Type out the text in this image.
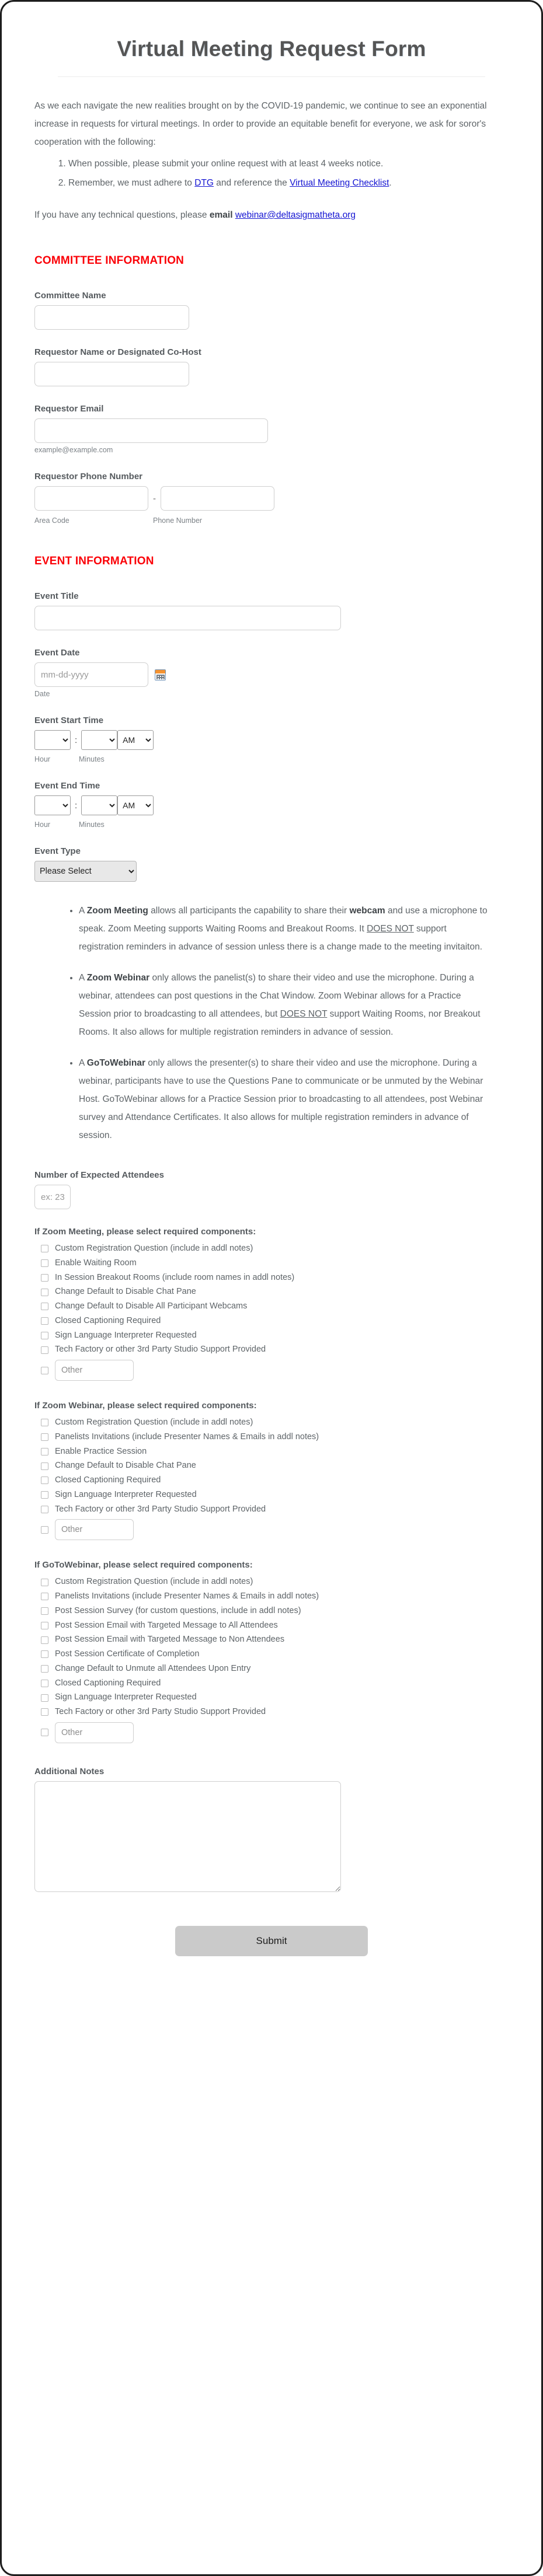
Virtual Meeting Request Form

As we each navigate the new realities brought on by the COVID-19 pandemic, we continue to see an exponential increase in requests for virtural meetings. In order to provide an equitable benefit for everyone, we ask for soror's cooperation with the following:

1. When possible, please submit your online request with at least 4 weeks notice.
2. Remember, we must adhere to DTG and reference the Virtual Meeting Checklist.

If you have any technical questions, please email webinar@deltasigmatheta.org

COMMITTEE INFORMATION
Committee Name
Requestor Name or Designated Co-Host
Requestor Email
example@example.com
Requestor Phone Number
-
Area Code	Phone Number
EVENT INFORMATION
Event Title
Event Date
mm-dd-yyyy
Date
Event Start Time
:
AM
Hour	Minutes
Event End Time
:
AM
Hour	Minutes
Event Type
Please Select
• A Zoom Meeting allows all participants the capability to share their webcam and use a microphone to speak. Zoom Meeting supports Waiting Rooms and Breakout Rooms. It DOES NOT support registration reminders in advance of session unless there is a change made to the meeting invitaiton.
• A Zoom Webinar only allows the panelist(s) to share their video and use the microphone. During a webinar, attendees can post questions in the Chat Window. Zoom Webinar allows for a Practice Session prior to broadcasting to all attendees, but DOES NOT support Waiting Rooms, nor Breakout Rooms. It also allows for multiple registration reminders in advance of session.
• A GoToWebinar only allows the presenter(s) to share their video and use the microphone. During a webinar, participants have to use the Questions Pane to communicate or be unmuted by the Webinar Host. GoToWebinar allows for a Practice Session prior to broadcasting to all attendees, post Webinar survey and Attendance Certificates. It also allows for multiple registration reminders in advance of session.
Number of Expected Attendees
ex: 23
If Zoom Meeting, please select required components:
Custom Registration Question (include in addl notes)
Enable Waiting Room
In Session Breakout Rooms (include room names in addl notes)
Change Default to Disable Chat Pane
Change Default to Disable All Participant Webcams
Closed Captioning Required
Sign Language Interpreter Requested
Tech Factory or other 3rd Party Studio Support Provided
Other
If Zoom Webinar, please select required components:
Custom Registration Question (include in addl notes)
Panelists Invitations (include Presenter Names & Emails in addl notes)
Enable Practice Session
Change Default to Disable Chat Pane
Closed Captioning Required
Sign Language Interpreter Requested
Tech Factory or other 3rd Party Studio Support Provided
Other
If GoToWebinar, please select required components:
Custom Registration Question (include in addl notes)
Panelists Invitations (include Presenter Names & Emails in addl notes)
Post Session Survey (for custom questions, include in addl notes)
Post Session Email with Targeted Message to All Attendees
Post Session Email with Targeted Message to Non Attendees
Post Session Certificate of Completion
Change Default to Unmute all Attendees Upon Entry
Closed Captioning Required
Sign Language Interpreter Requested
Tech Factory or other 3rd Party Studio Support Provided
Other
Additional Notes
Submit
